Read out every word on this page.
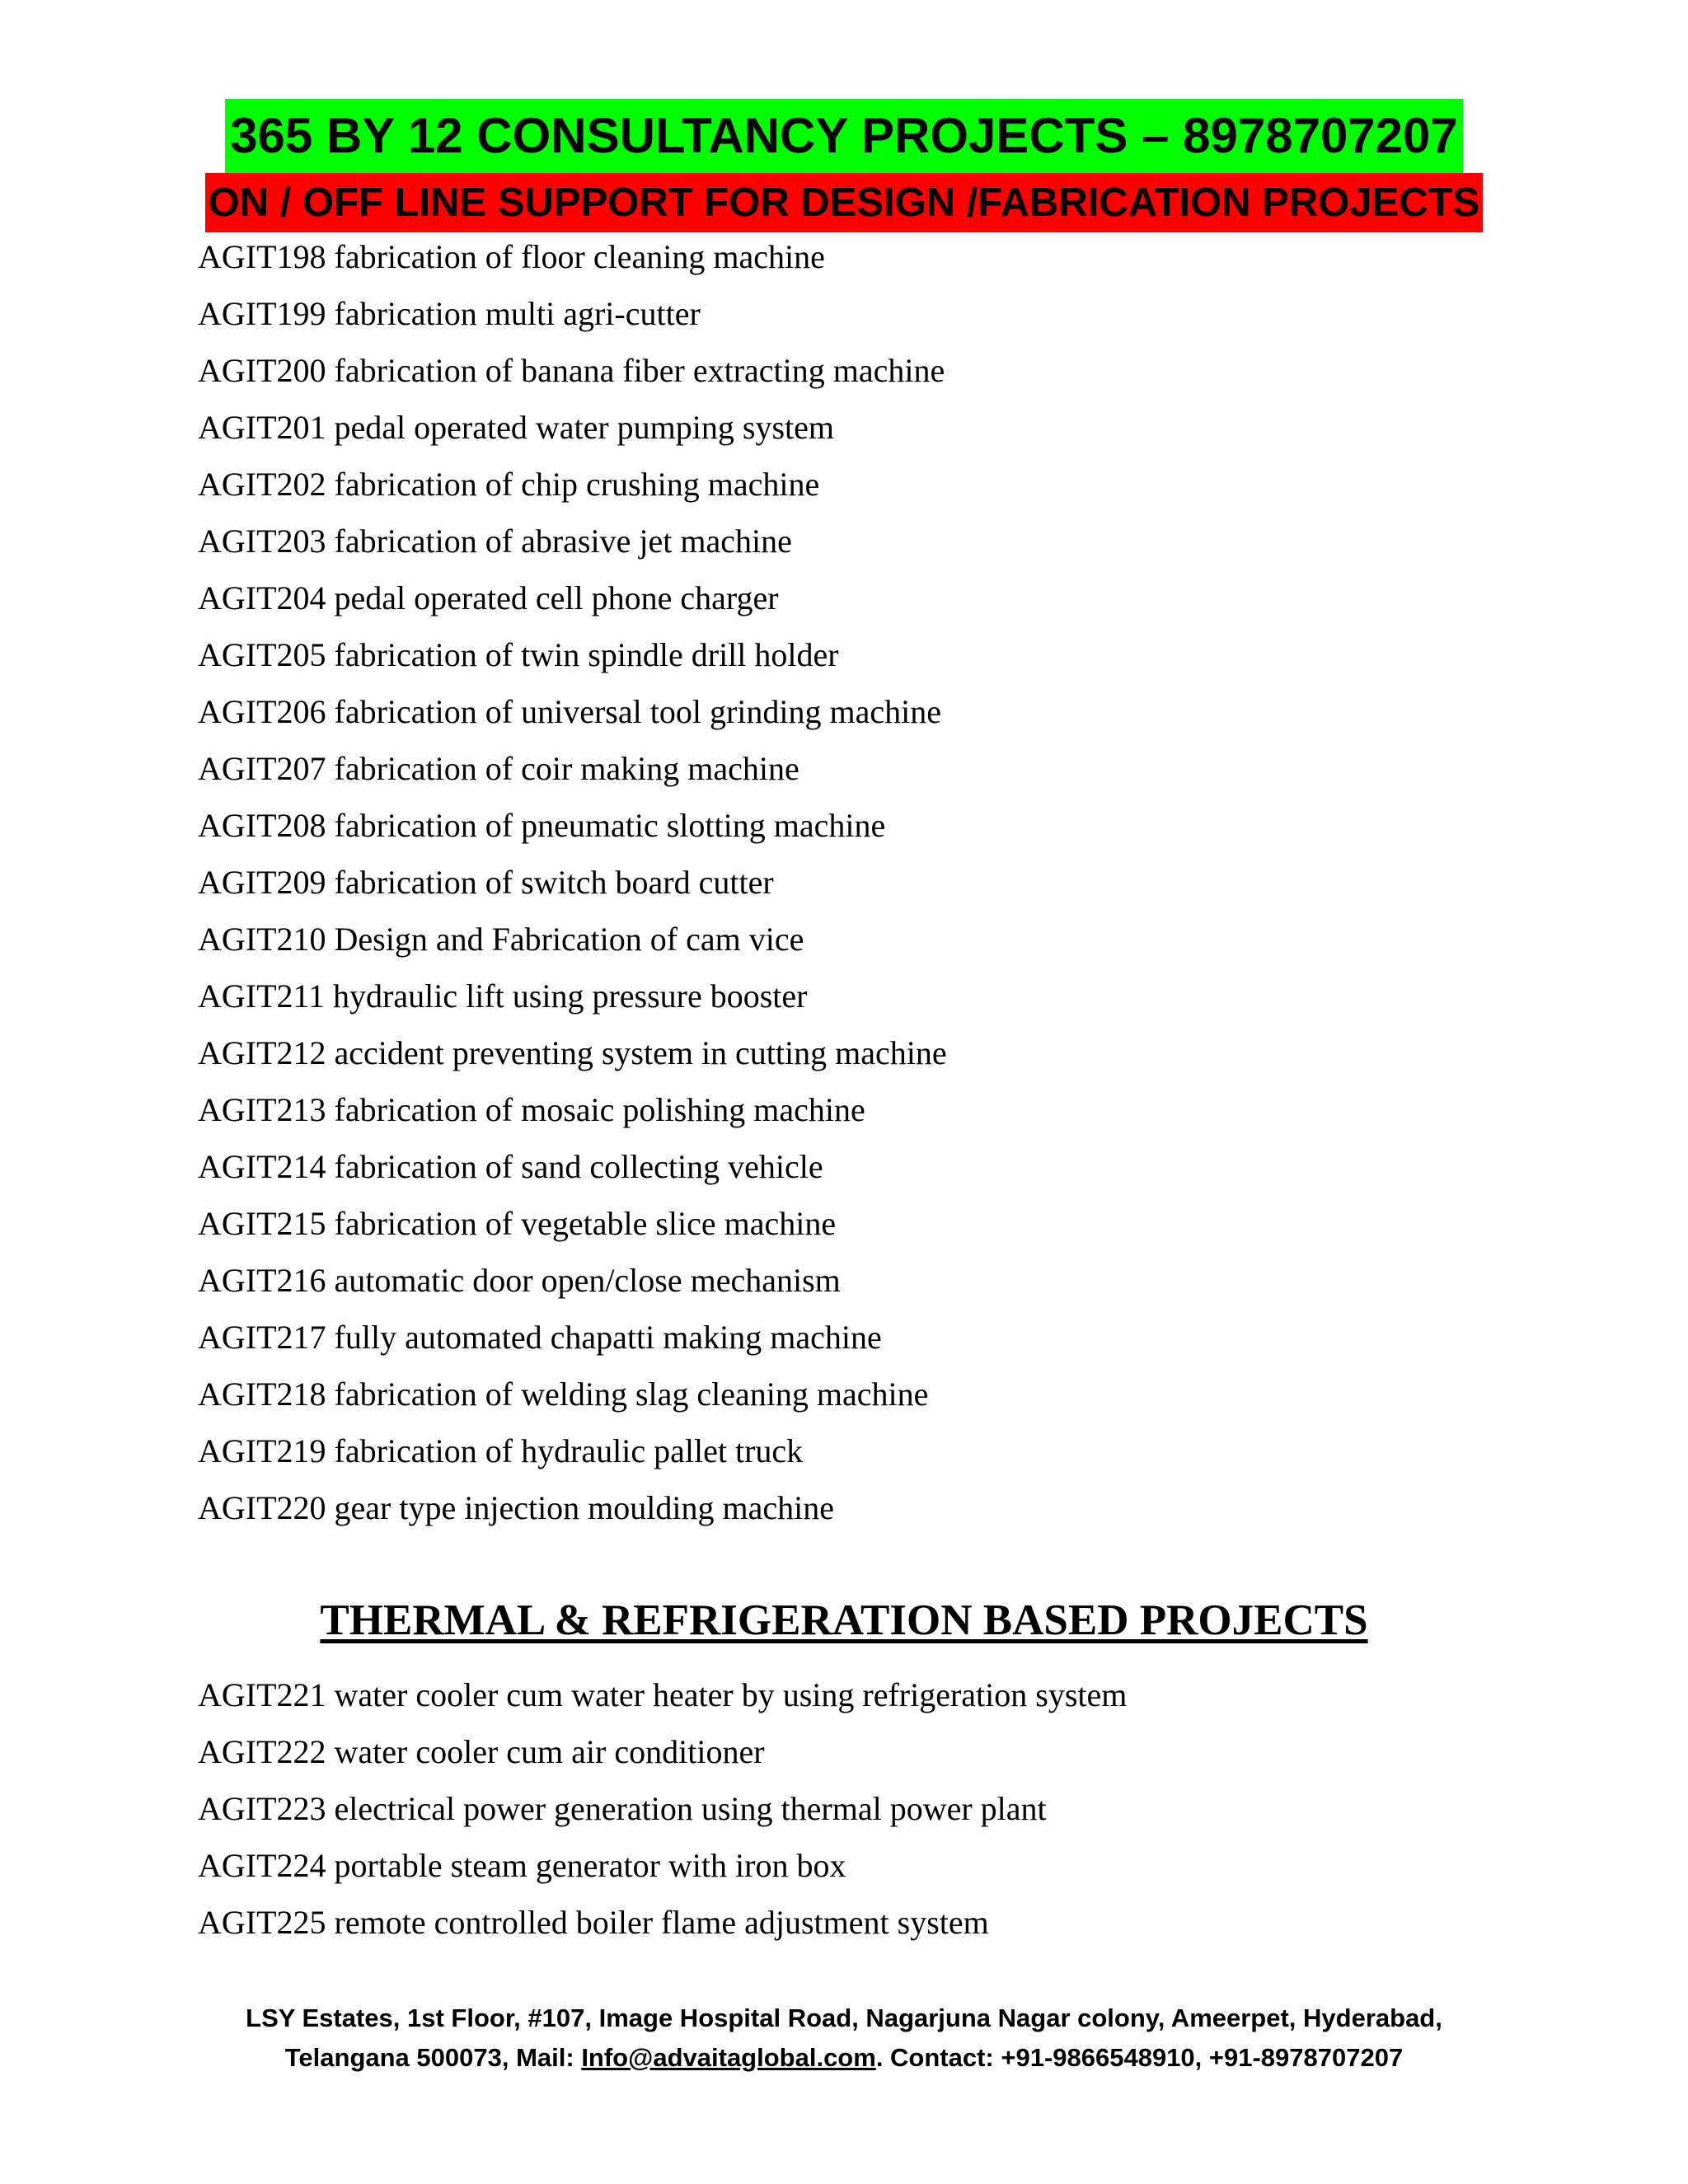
365 BY 12 CONSULTANCY PROJECTS – 8978707207
ON / OFF LINE SUPPORT FOR DESIGN /FABRICATION PROJECTS
AGIT198 fabrication of floor cleaning machine
AGIT199 fabrication multi agri-cutter
AGIT200 fabrication of banana fiber extracting machine
AGIT201 pedal operated water pumping system
AGIT202 fabrication of chip crushing machine
AGIT203 fabrication of abrasive jet machine
AGIT204 pedal operated cell phone charger
AGIT205 fabrication of twin spindle drill holder
AGIT206 fabrication of universal tool grinding machine
AGIT207 fabrication of coir making machine
AGIT208 fabrication of pneumatic slotting machine
AGIT209 fabrication of switch board cutter
AGIT210 Design and Fabrication of cam vice
AGIT211 hydraulic lift using pressure booster
AGIT212 accident preventing system in cutting machine
AGIT213 fabrication of mosaic polishing machine
AGIT214 fabrication of sand collecting vehicle
AGIT215 fabrication of vegetable slice machine
AGIT216 automatic door open/close mechanism
AGIT217 fully automated chapatti making machine
AGIT218 fabrication of welding slag cleaning machine
AGIT219 fabrication of hydraulic pallet truck
AGIT220 gear type injection moulding machine
THERMAL & REFRIGERATION BASED PROJECTS
AGIT221 water cooler cum water heater by using refrigeration system
AGIT222 water cooler cum air conditioner
AGIT223 electrical power generation using thermal power plant
AGIT224 portable steam generator with iron box
AGIT225 remote controlled boiler flame adjustment system
LSY Estates, 1st Floor, #107, Image Hospital Road, Nagarjuna Nagar colony, Ameerpet, Hyderabad,
Telangana 500073, Mail: Info@advaitaglobal.com. Contact: +91-9866548910, +91-8978707207
